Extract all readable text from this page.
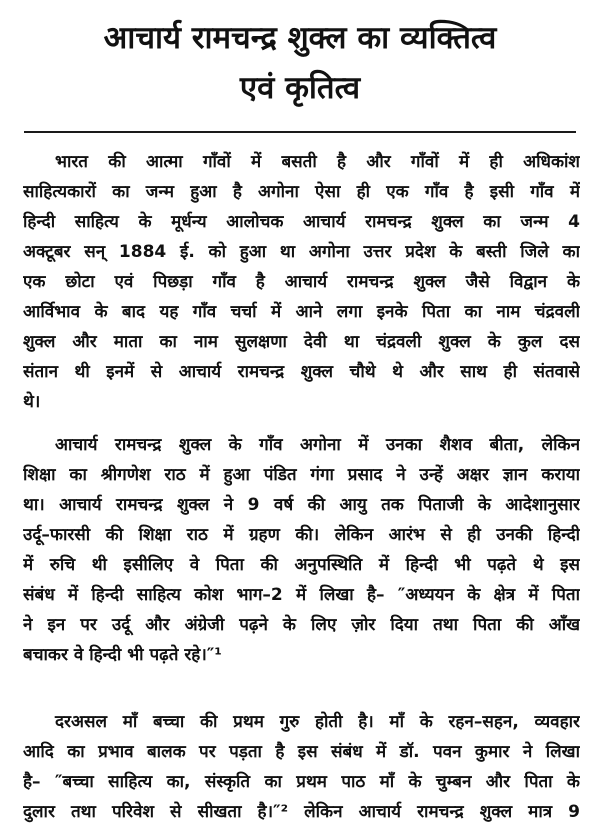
आचार्य रामचन्द्र शुक्ल का व्यक्तित्व
एवं कृतित्व
भारत की आत्मा गाँवों में बसती है और गाँवों में ही अधिकांश
साहित्यकारों का जन्म हुआ है अगोना ऐसा ही एक गाँव है इसी गाँव में
हिन्दी साहित्य के मूर्धन्य आलोचक आचार्य रामचन्द्र शुक्ल का जन्म 4
अक्टूबर सन् 1884 ई. को हुआ था अगोना उत्तर प्रदेश के बस्ती जिले का
एक छोटा एवं पिछड़ा गाँव है आचार्य रामचन्द्र शुक्ल जैसे विद्वान के
आर्विभाव के बाद यह गाँव चर्चा में आने लगा इनके पिता का नाम चंद्रवली
शुक्ल और माता का नाम सुलक्षणा देवी था चंद्रवली शुक्ल के कुल दस
संतान थी इनमें से आचार्य रामचन्द्र शुक्ल चौथे थे और साथ ही संतवासे
थे।
आचार्य रामचन्द्र शुक्ल के गाँव अगोना में उनका शैशव बीता, लेकिन
शिक्षा का श्रीगणेश राठ में हुआ पंडित गंगा प्रसाद ने उन्हें अक्षर ज्ञान कराया
था। आचार्य रामचन्द्र शुक्ल ने 9 वर्ष की आयु तक पिताजी के आदेशानुसार
उर्दू–फारसी की शिक्षा राठ में ग्रहण की। लेकिन आरंभ से ही उनकी हिन्दी
में रुचि थी इसीलिए वे पिता की अनुपस्थिति में हिन्दी भी पढ़ते थे इस
संबंध में हिन्दी साहित्य कोश भाग–2 में लिखा है– ″अध्ययन के क्षेत्र में पिता
ने इन पर उर्दू और अंग्रेजी पढ़ने के लिए ज़ोर दिया तथा पिता की आँख
बचाकर वे हिन्दी भी पढ़ते रहे।″¹
दरअसल माँ बच्चा की प्रथम गुरु होती है। माँ के रहन–सहन, व्यवहार
आदि का प्रभाव बालक पर पड़ता है इस संबंध में डॉ. पवन कुमार ने लिखा
है– ″बच्चा साहित्य का, संस्कृति का प्रथम पाठ माँ के चुम्बन और पिता के
दुलार तथा परिवेश से सीखता है।″² लेकिन आचार्य रामचन्द्र शुक्ल मात्र 9
